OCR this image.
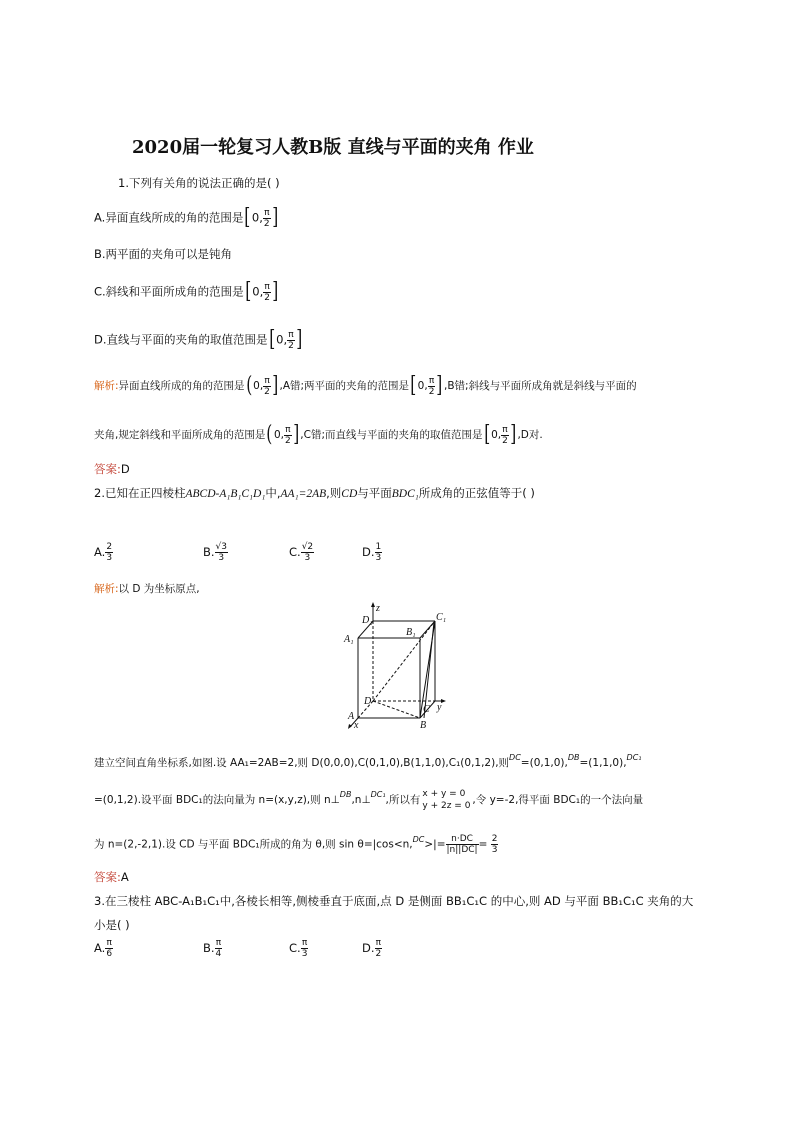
2020届一轮复习人教B版 直线与平面的夹角 作业
1.下列有关角的说法正确的是( )
A.异面直线所成的角的范围是[0, $\frac{\pi}{2}$ ]
B.两平面的夹角可以是钝角
C.斜线和平面所成角的范围是[0, $\frac{\pi}{2}$ ]
D.直线与平面的夹角的取值范围是[0, $\frac{\pi}{2}$ ]
解析:异面直线所成的角的范围是(0, $\frac{\pi}{2} ],A$错;两平面的夹角的范围是[0, $\frac{\pi}{2} ],B$错;斜线与平面所成角就是斜线与平面的
夹角,规定斜线和平面所成角的范围是(0, $\frac{\pi}{2} ],C$错;而直线与平面的夹角的取值范围是[0, $\frac{\pi}{2} ],D$对.
答案:D
2.已知在正四棱柱ABCD-A₁B₁C₁D₁中,AA₁=2AB,则CD与平面BDC₁所成角的正弦值等于( )
A. $\frac{2}{3}$	B. $\frac{√3}{3}$	C. $\frac{√2}{3}$	D. $\frac{1}{3}$
解析:以 D 为坐标原点,
D₁
z
C₁
A₁
B₁
D
C y
A
B
x
建立空间直角坐标系,如图.设 AA₁=2AB=2,则 D(0,0,0),C(0,1,0),B(1,1,0),C₁(0,1,2),则DC=(0,1,0),DB=(1,1,0),DC₁
=(0,1,2).设平面 BDC₁的法向量为 n=(x,y,z),则 n⊥DB,n⊥DC₁,所以有 x + y = 0
y + 2z = 0 ,令 y=-2,得平面 BDC₁的一个法向量
为 n=(2,-2,1).设 CD 与平面 BDC₁所成的角为 θ,则 $\sin \theta=|\cos<n,DC>|= \frac{n\cdot DC}{|n||DC|} = \frac{2}{3}$
答案:A
3.在三棱柱 ABC-A₁B₁C₁中,各棱长相等,侧棱垂直于底面,点 D 是侧面 BB₁C₁C 的中心,则 AD 与平面 BB₁C₁C 夹角的大
小是( )
A. $\frac{\pi}{6}$	B. $\frac{\pi}{4}$	C. $\frac{\pi}{3}$	D. $\frac{\pi}{2}$
